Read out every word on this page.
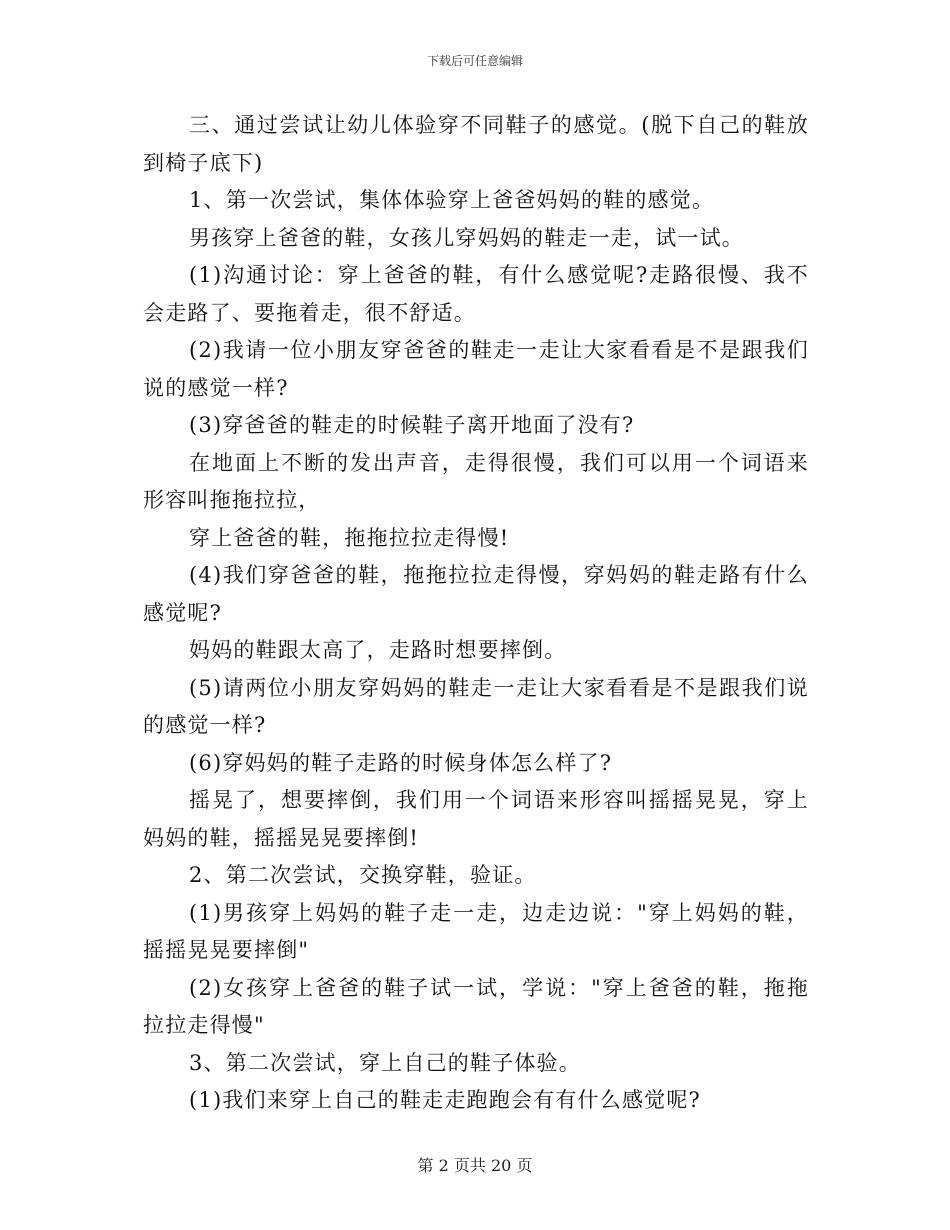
下载后可任意编辑

三、通过尝试让幼儿体验穿不同鞋子的感觉。(脱下自己的鞋放到椅子底下)

1、第一次尝试，集体体验穿上爸爸妈妈的鞋的感觉。

男孩穿上爸爸的鞋，女孩儿穿妈妈的鞋走一走，试一试。

(1)沟通讨论：穿上爸爸的鞋，有什么感觉呢?走路很慢、我不会走路了、要拖着走，很不舒适。

(2)我请一位小朋友穿爸爸的鞋走一走让大家看看是不是跟我们说的感觉一样?

(3)穿爸爸的鞋走的时候鞋子离开地面了没有?

在地面上不断的发出声音，走得很慢，我们可以用一个词语来形容叫拖拖拉拉，

穿上爸爸的鞋，拖拖拉拉走得慢!

(4)我们穿爸爸的鞋，拖拖拉拉走得慢，穿妈妈的鞋走路有什么感觉呢?

妈妈的鞋跟太高了，走路时想要摔倒。

(5)请两位小朋友穿妈妈的鞋走一走让大家看看是不是跟我们说的感觉一样?

(6)穿妈妈的鞋子走路的时候身体怎么样了?

摇晃了，想要摔倒，我们用一个词语来形容叫摇摇晃晃，穿上妈妈的鞋，摇摇晃晃要摔倒!

2、第二次尝试，交换穿鞋，验证。

(1)男孩穿上妈妈的鞋子走一走，边走边说："穿上妈妈的鞋，摇摇晃晃要摔倒"

(2)女孩穿上爸爸的鞋子试一试，学说："穿上爸爸的鞋，拖拖拉拉走得慢"

3、第二次尝试，穿上自己的鞋子体验。

(1)我们来穿上自己的鞋走走跑跑会有有什么感觉呢?

第 2 页共 20 页
